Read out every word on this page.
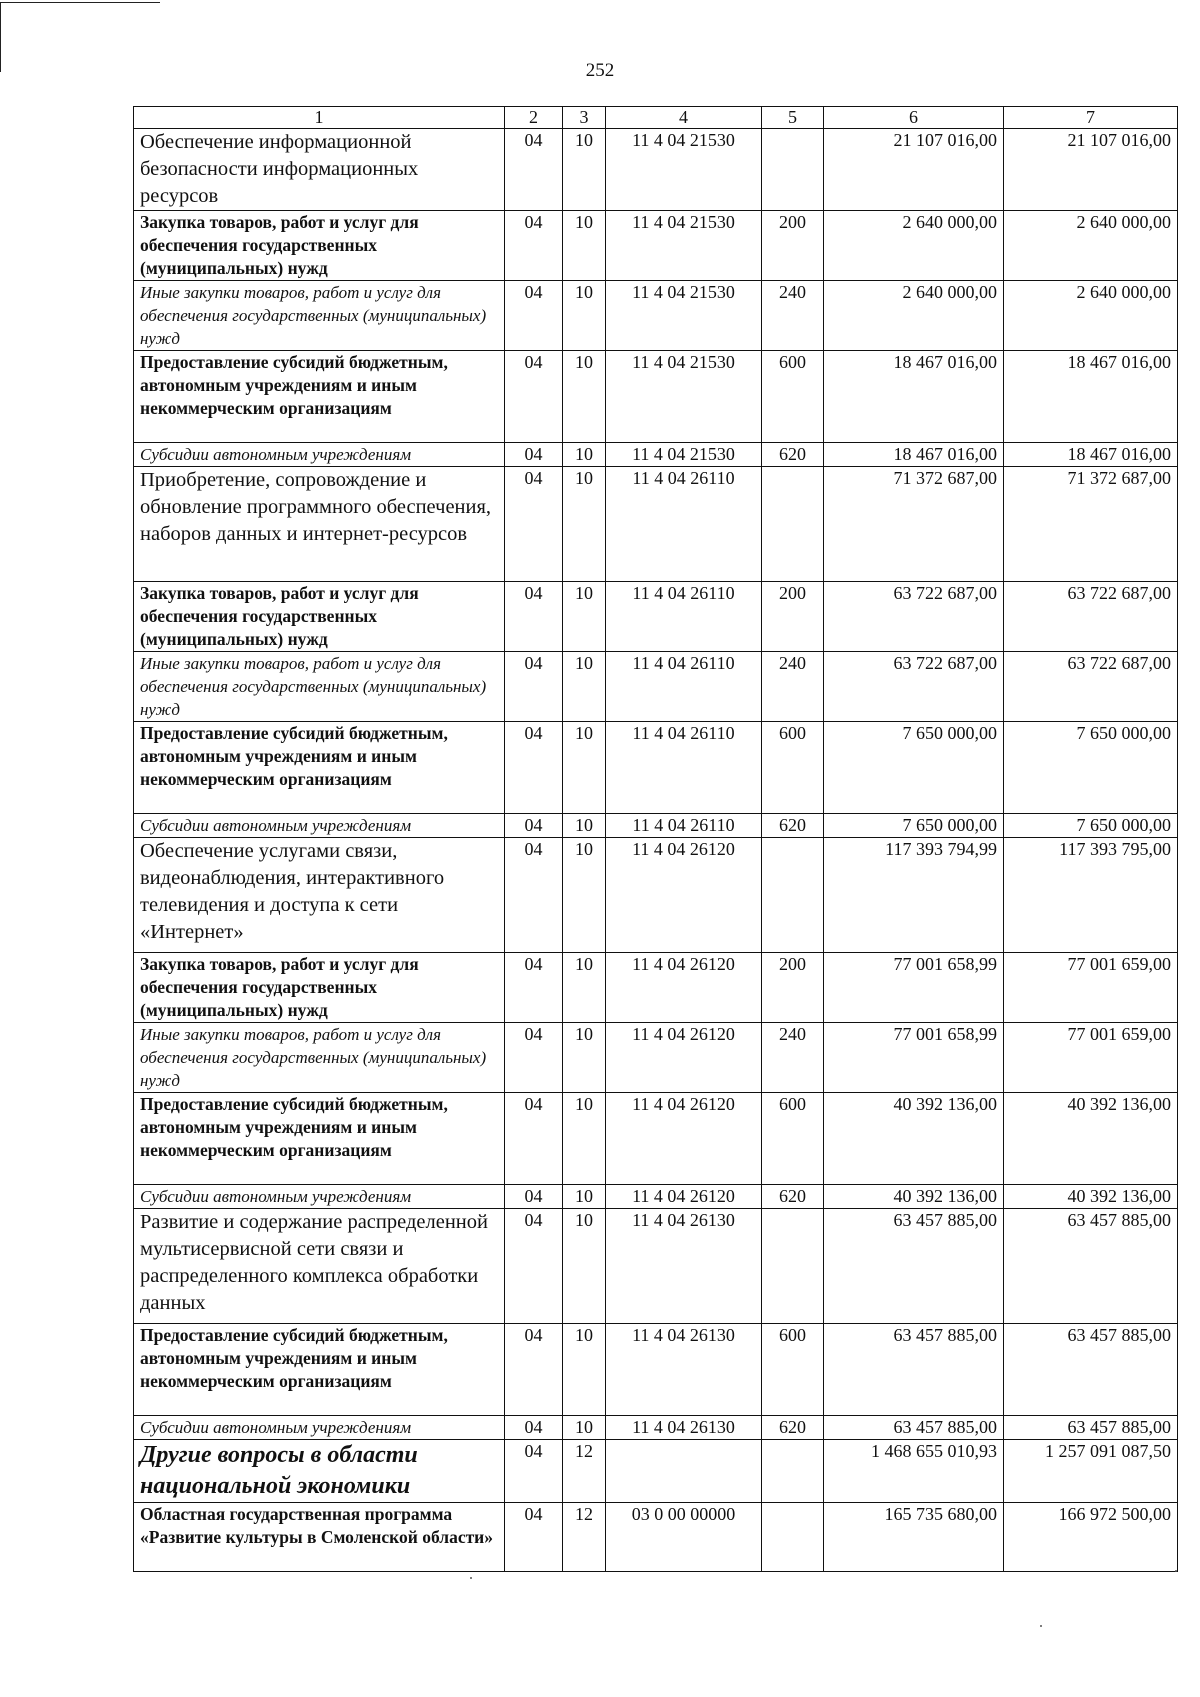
252
1	2	3	4	5	6	7
Обеспечение информационной безопасности информационных ресурсов	04	10	11 4 04 21530		21 107 016,00	21 107 016,00
Закупка товаров, работ и услуг для обеспечения государственных (муниципальных) нужд	04	10	11 4 04 21530	200	2 640 000,00	2 640 000,00
Иные закупки товаров, работ и услуг для обеспечения государственных (муниципальных) нужд	04	10	11 4 04 21530	240	2 640 000,00	2 640 000,00
Предоставление субсидий бюджетным, автономным учреждениям и иным некоммерческим организациям	04	10	11 4 04 21530	600	18 467 016,00	18 467 016,00
Субсидии автономным учреждениям	04	10	11 4 04 21530	620	18 467 016,00	18 467 016,00
Приобретение, сопровождение и обновление программного обеспечения, наборов данных и интернет-ресурсов	04	10	11 4 04 26110		71 372 687,00	71 372 687,00
Закупка товаров, работ и услуг для обеспечения государственных (муниципальных) нужд	04	10	11 4 04 26110	200	63 722 687,00	63 722 687,00
Иные закупки товаров, работ и услуг для обеспечения государственных (муниципальных) нужд	04	10	11 4 04 26110	240	63 722 687,00	63 722 687,00
Предоставление субсидий бюджетным, автономным учреждениям и иным некоммерческим организациям	04	10	11 4 04 26110	600	7 650 000,00	7 650 000,00
Субсидии автономным учреждениям	04	10	11 4 04 26110	620	7 650 000,00	7 650 000,00
Обеспечение услугами связи, видеонаблюдения, интерактивного телевидения и доступа к сети «Интернет»	04	10	11 4 04 26120		117 393 794,99	117 393 795,00
Закупка товаров, работ и услуг для обеспечения государственных (муниципальных) нужд	04	10	11 4 04 26120	200	77 001 658,99	77 001 659,00
Иные закупки товаров, работ и услуг для обеспечения государственных (муниципальных) нужд	04	10	11 4 04 26120	240	77 001 658,99	77 001 659,00
Предоставление субсидий бюджетным, автономным учреждениям и иным некоммерческим организациям	04	10	11 4 04 26120	600	40 392 136,00	40 392 136,00
Субсидии автономным учреждениям	04	10	11 4 04 26120	620	40 392 136,00	40 392 136,00
Развитие и содержание распределенной мультисервисной сети связи и распределенного комплекса обработки данных	04	10	11 4 04 26130		63 457 885,00	63 457 885,00
Предоставление субсидий бюджетным, автономным учреждениям и иным некоммерческим организациям	04	10	11 4 04 26130	600	63 457 885,00	63 457 885,00
Субсидии автономным учреждениям	04	10	11 4 04 26130	620	63 457 885,00	63 457 885,00
Другие вопросы в области национальной экономики	04	12			1 468 655 010,93	1 257 091 087,50
Областная государственная программа «Развитие культуры в Смоленской области»	04	12	03 0 00 00000		165 735 680,00	166 972 500,00
